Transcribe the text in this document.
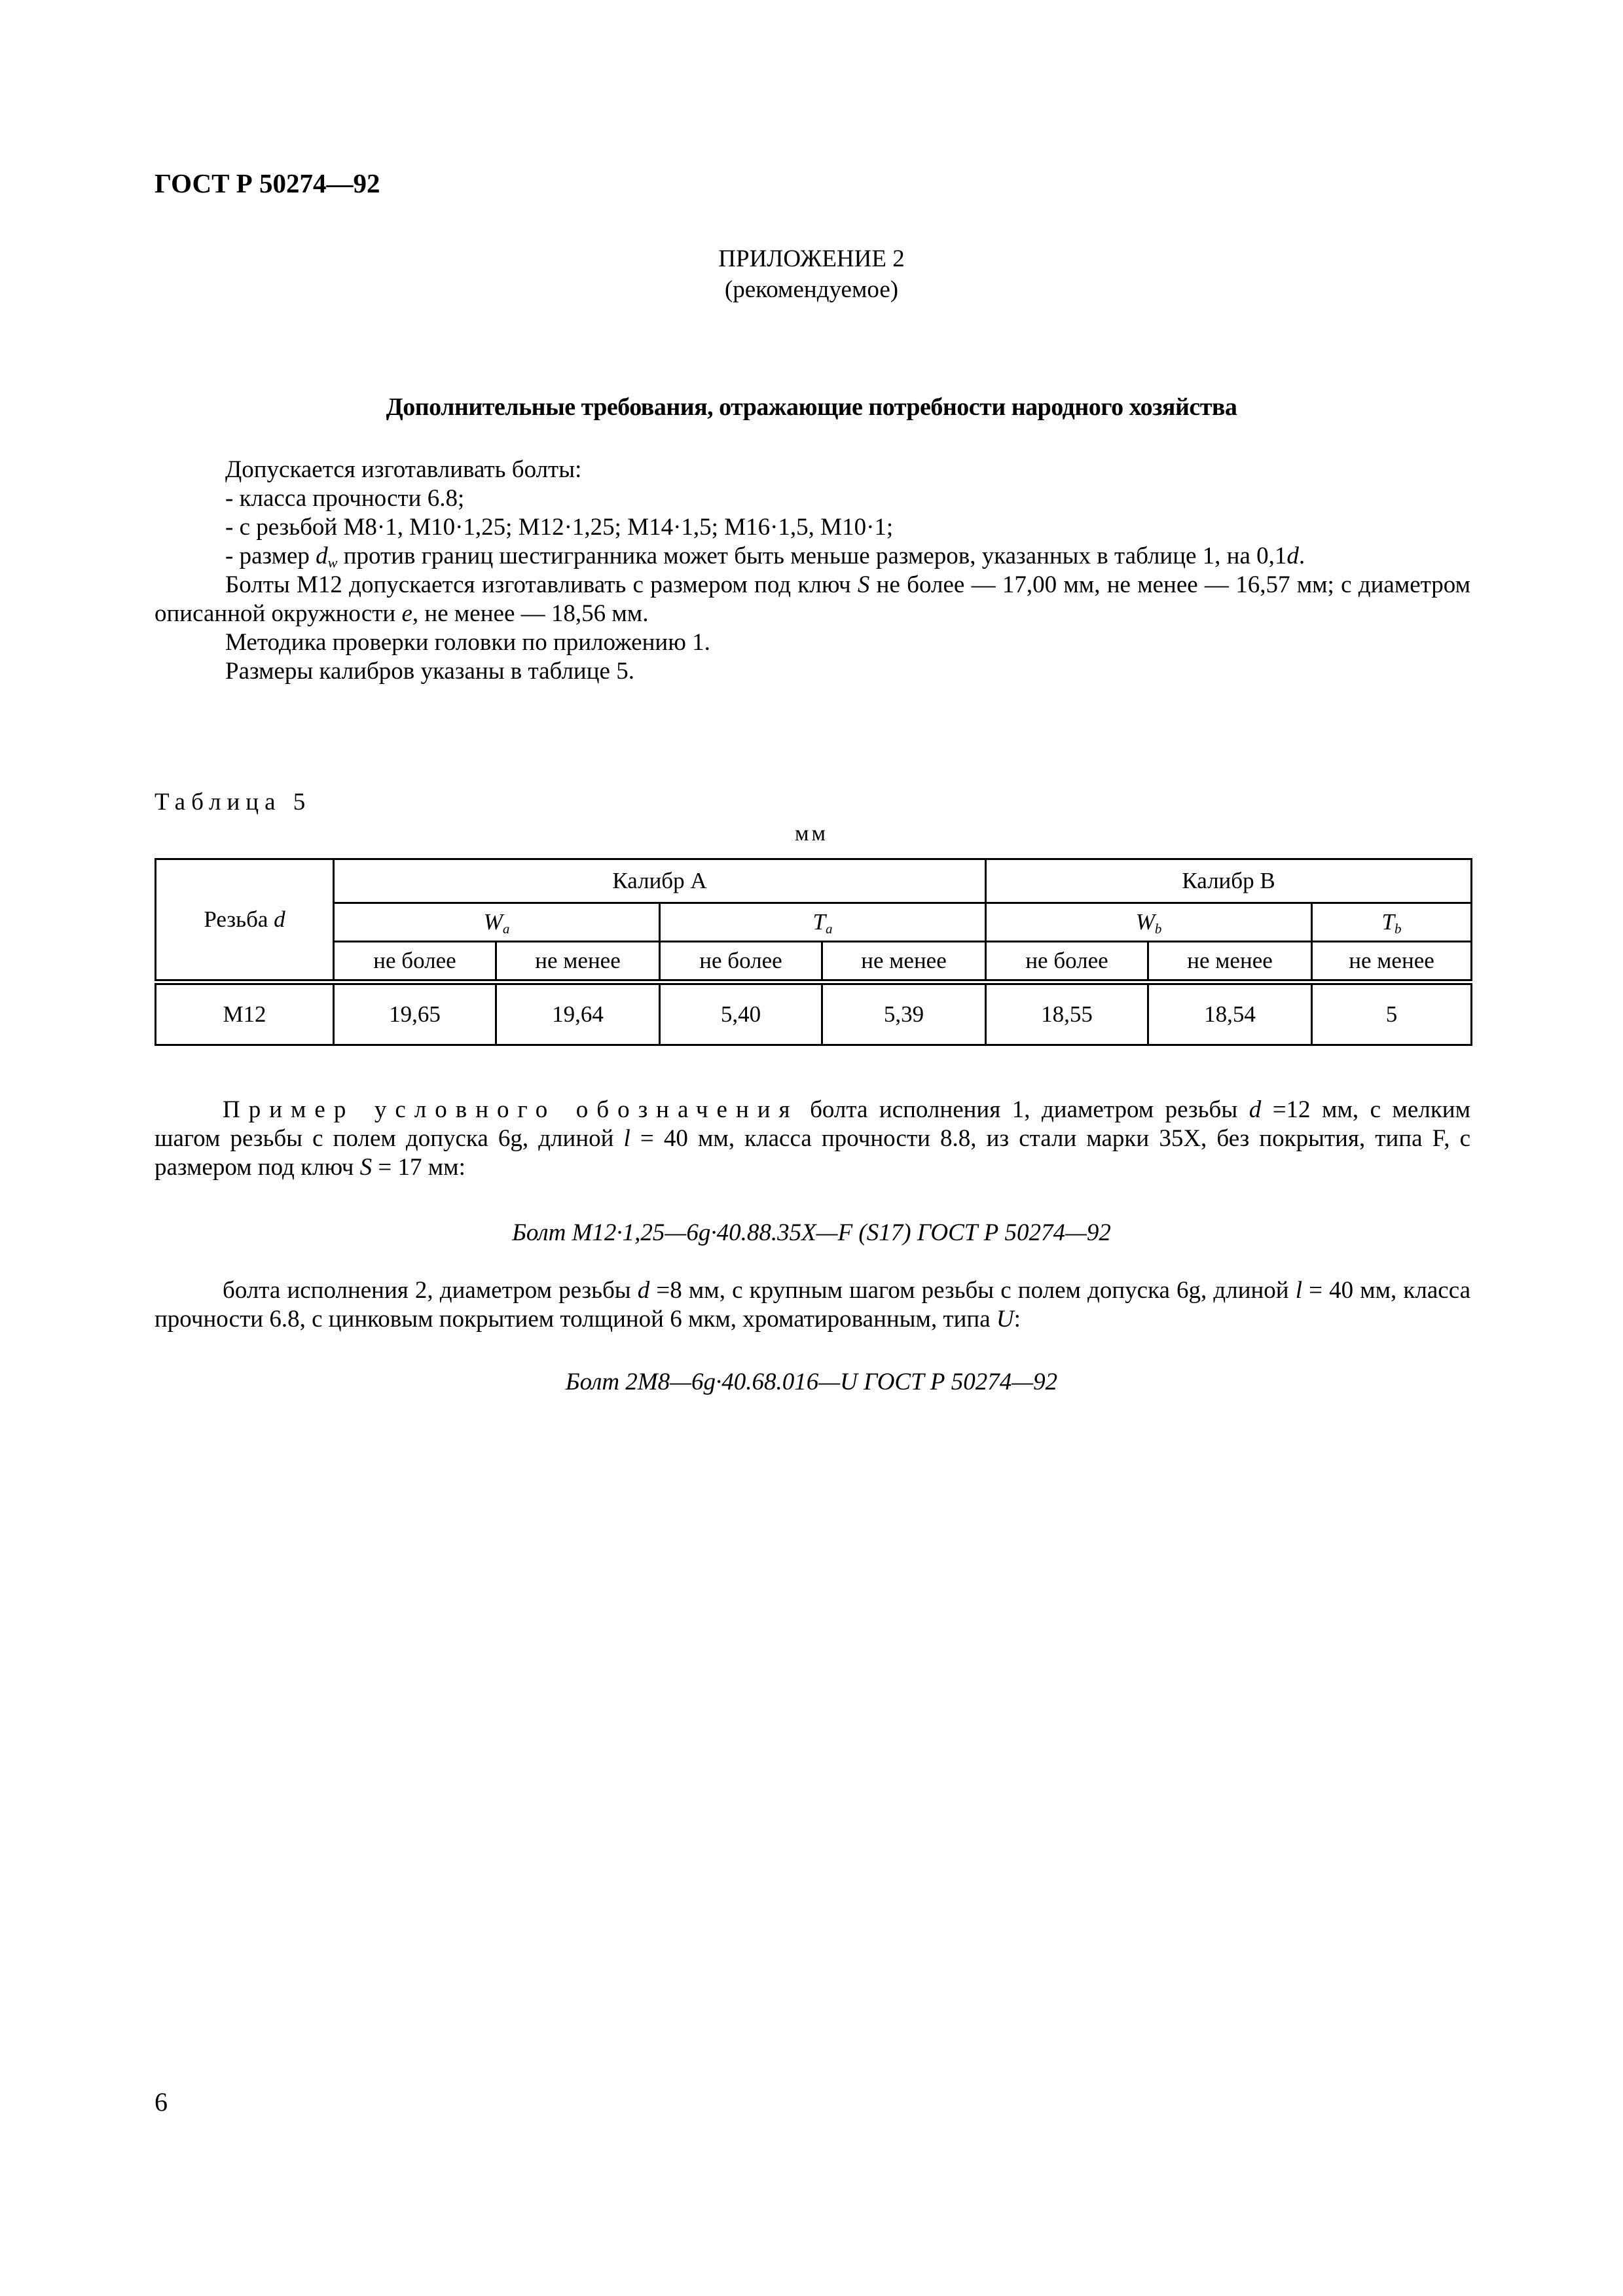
ГОСТ Р 50274—92
ПРИЛОЖЕНИЕ 2
(рекомендуемое)
Дополнительные требования, отражающие потребности народного хозяйства

Допускается изготавливать болты:

- класса прочности 6.8;

- с резьбой М8·1, М10·1,25; М12·1,25; М14·1,5; М16·1,5, М10·1;

- размер $d_w$ против границ шестигранника может быть меньше размеров, указанных в таблице 1, на 0,1d.

Болты М12 допускается изготавливать с размером под ключ S не более — 17,00 мм, не менее — 16,57 мм; с диаметром описанной окружности e, не менее — 18,56 мм.

Методика проверки головки по приложению 1.

Размеры калибров указаны в таблице 5.

Таблица 5
мм
Резьба d	Калибр А				Калибр В		
	$W_a$		$T_a$		$W_b$		$T_b$
	не более	не менее	не более	не менее	не более	не менее	не менее
М12	19,65	19,64	5,40	5,39	18,55	18,54	5

Пример условного обозначения болта исполнения 1, диаметром резьбы d =12 мм, с мелким шагом резьбы с полем допуска 6g, длиной l = 40 мм, класса прочности 8.8, из стали марки 35Х, без покрытия, типа F, с размером под ключ S = 17 мм:

Болт М12·1,25—6g·40.88.35X—F (S17) ГОСТ Р 50274—92

болта исполнения 2, диаметром резьбы d =8 мм, с крупным шагом резьбы с полем допуска 6g, длиной l = 40 мм, класса прочности 6.8, с цинковым покрытием толщиной 6 мкм, хроматированным, типа U:

Болт 2М8—6g·40.68.016—U ГОСТ Р 50274—92
6
